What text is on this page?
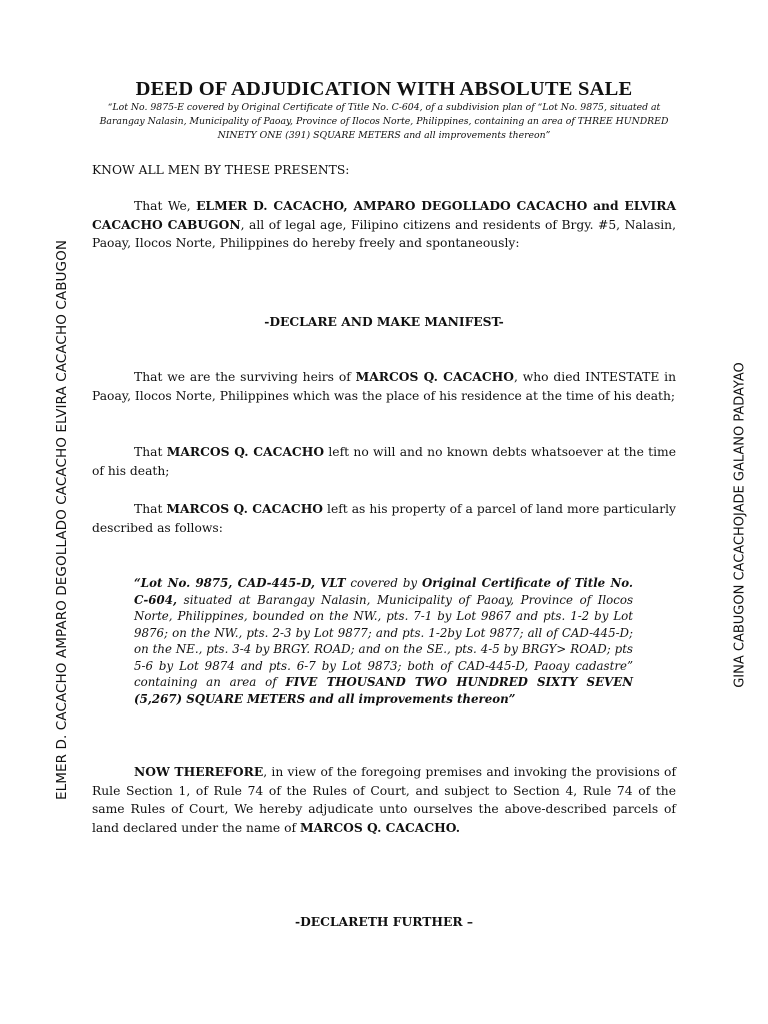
ELMER D. CACACHO AMPARO DEGOLLADO CACACHO ELVIRA CACACHO CABUGON	GINA CABUGON CACACHOJADE GALANO PADAYAO
DEED OF ADJUDICATION WITH ABSOLUTE SALE

“Lot No. 9875-E covered by Original Certificate of Title No. C-604, of a subdivision plan of “Lot No. 9875, situated at Barangay Nalasin, Municipality of Paoay, Province of Ilocos Norte, Philippines, containing an area of THREE HUNDRED NINETY ONE (391) SQUARE METERS and all improvements thereon”

KNOW ALL MEN BY THESE PRESENTS:

That We, ELMER D. CACACHO, AMPARO DEGOLLADO CACACHO and ELVIRA CACACHO CABUGON, all of legal age, Filipino citizens and residents of Brgy. #5, Nalasin, Paoay, Ilocos Norte, Philippines do hereby freely and spontaneously:

-DECLARE AND MAKE MANIFEST-

That we are the surviving heirs of MARCOS Q. CACACHO, who died INTESTATE in Paoay, Ilocos Norte, Philippines which was the place of his residence at the time of his death;

That MARCOS Q. CACACHO left no will and no known debts whatsoever at the time of his death;

That MARCOS Q. CACACHO left as his property of a parcel of land more particularly described as follows:

“Lot No. 9875, CAD-445-D, VLT covered by Original Certificate of Title No. C-604, situated at Barangay Nalasin, Municipality of Paoay, Province of Ilocos Norte, Philippines, bounded on the NW., pts. 7-1 by Lot 9867 and pts. 1-2 by Lot 9876; on the NW., pts. 2-3 by Lot 9877; and pts. 1-2by Lot 9877; all of CAD-445-D; on the NE., pts. 3-4 by BRGY. ROAD; and on the SE., pts. 4-5 by BRGY> ROAD; pts 5-6 by Lot 9874 and pts. 6-7 by Lot 9873; both of CAD-445-D, Paoay cadastre” containing an area of FIVE THOUSAND TWO HUNDRED SIXTY SEVEN (5,267) SQUARE METERS and all improvements thereon”

NOW THEREFORE, in view of the foregoing premises and invoking the provisions of Rule Section 1, of Rule 74 of the Rules of Court, and subject to Section 4, Rule 74 of the same Rules of Court, We hereby adjudicate unto ourselves the above-described parcels of land declared under the name of MARCOS Q. CACACHO.

-DECLARETH FURTHER –
